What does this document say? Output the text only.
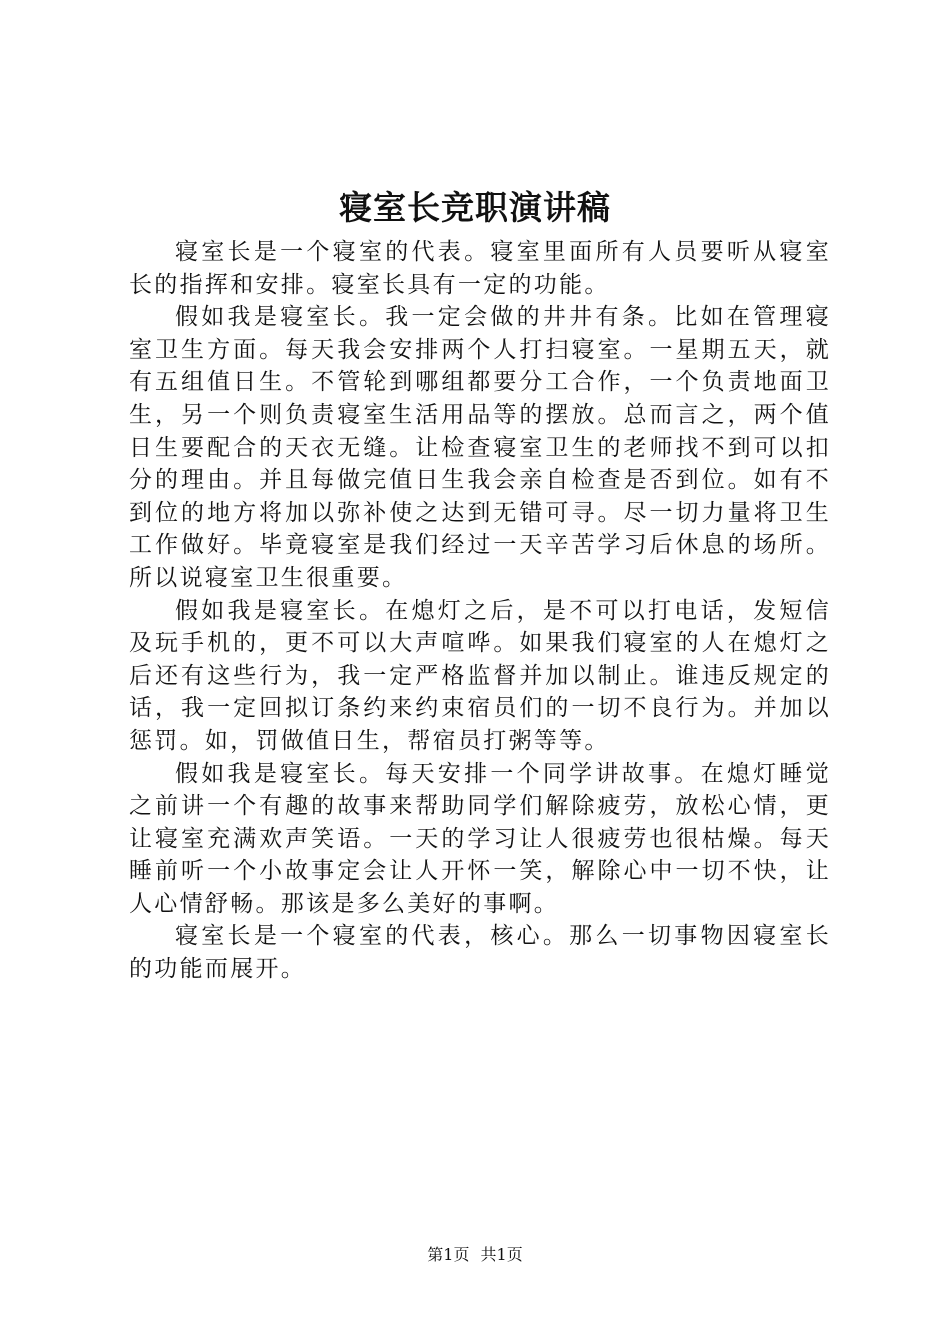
寝室长竞职演讲稿

寝室长是一个寝室的代表。寝室里面所有人员要听从寝室长的指挥和安排。寝室长具有一定的功能。

假如我是寝室长。我一定会做的井井有条。比如在管理寝室卫生方面。每天我会安排两个人打扫寝室。一星期五天，就有五组值日生。不管轮到哪组都要分工合作，一个负责地面卫生，另一个则负责寝室生活用品等的摆放。总而言之，两个值日生要配合的天衣无缝。让检查寝室卫生的老师找不到可以扣分的理由。并且每做完值日生我会亲自检查是否到位。如有不到位的地方将加以弥补使之达到无错可寻。尽一切力量将卫生工作做好。毕竟寝室是我们经过一天辛苦学习后休息的场所。所以说寝室卫生很重要。

假如我是寝室长。在熄灯之后，是不可以打电话，发短信及玩手机的，更不可以大声喧哗。如果我们寝室的人在熄灯之后还有这些行为，我一定严格监督并加以制止。谁违反规定的话，我一定回拟订条约来约束宿员们的一切不良行为。并加以惩罚。如，罚做值日生，帮宿员打粥等等。

假如我是寝室长。每天安排一个同学讲故事。在熄灯睡觉之前讲一个有趣的故事来帮助同学们解除疲劳，放松心情，更让寝室充满欢声笑语。一天的学习让人很疲劳也很枯燥。每天睡前听一个小故事定会让人开怀一笑，解除心中一切不快，让人心情舒畅。那该是多么美好的事啊。

寝室长是一个寝室的代表，核心。那么一切事物因寝室长的功能而展开。

第1页 共1页
